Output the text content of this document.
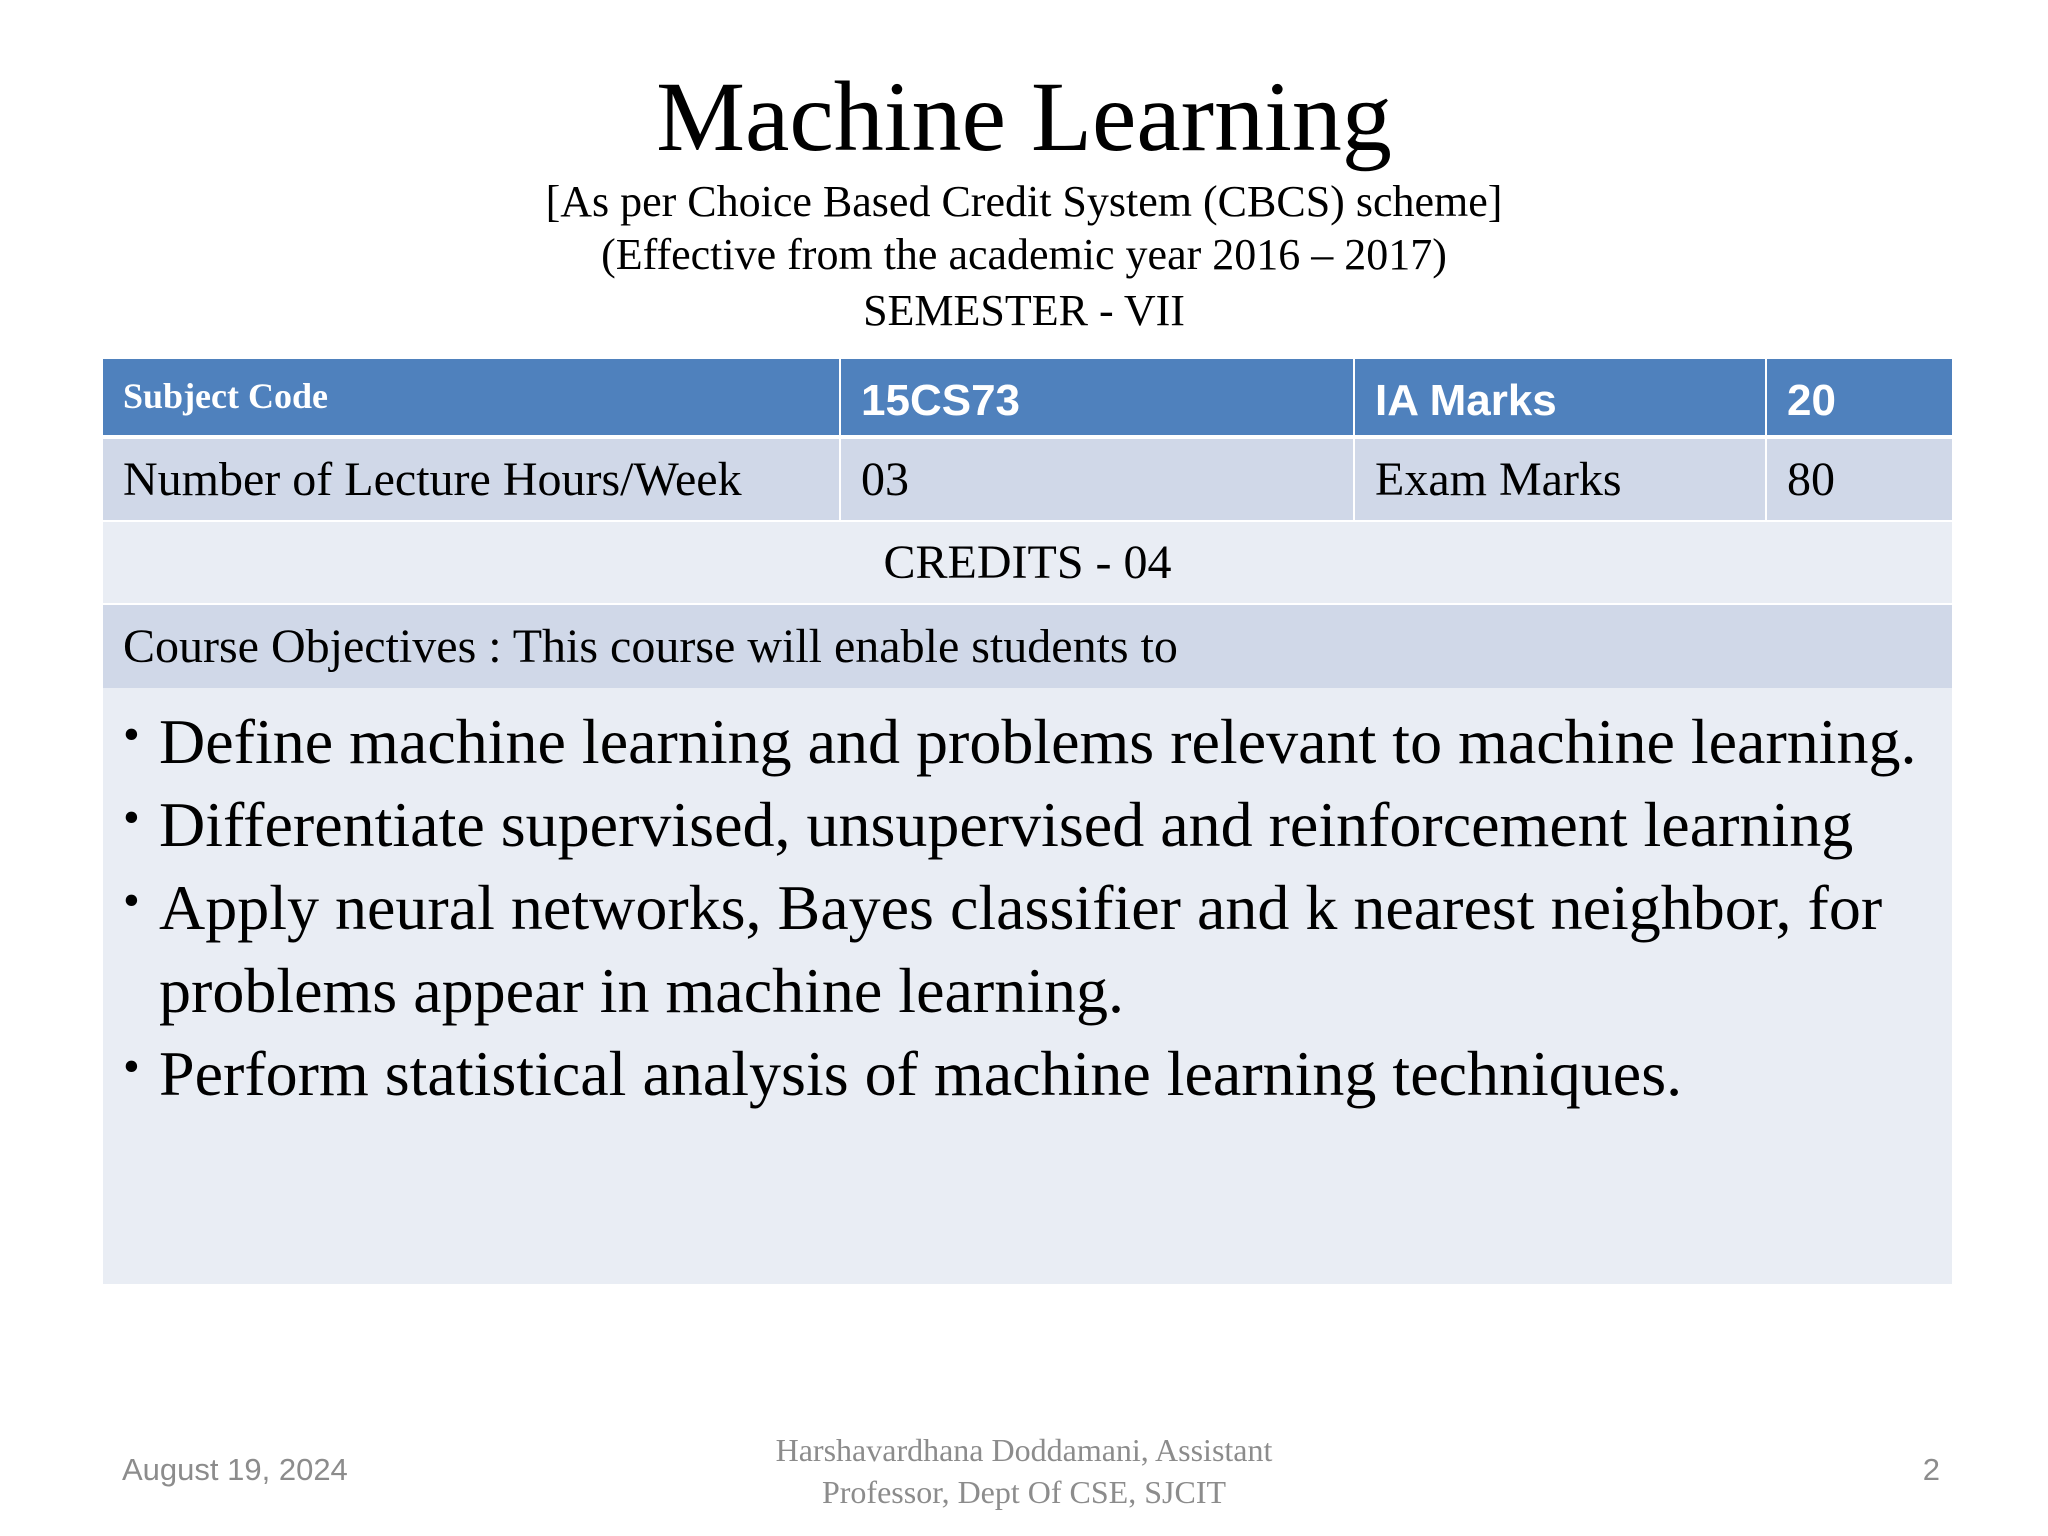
Machine Learning
[As per Choice Based Credit System (CBCS) scheme]
(Effective from the academic year 2016 – 2017)
SEMESTER - VII
Subject Code	15CS73	IA Marks	20
Number of Lecture Hours/Week	03	Exam Marks	80
CREDITS - 04
Course Objectives : This course will enable students to
• Define machine learning and problems relevant to machine learning.
• Differentiate supervised, unsupervised and reinforcement learning
• Apply neural networks, Bayes classifier and k nearest neighbor, for problems appear in machine learning.
• Perform statistical analysis of machine learning techniques.
August 19, 2024
Harshavardhana Doddamani, Assistant
Professor, Dept Of CSE, SJCIT
2
